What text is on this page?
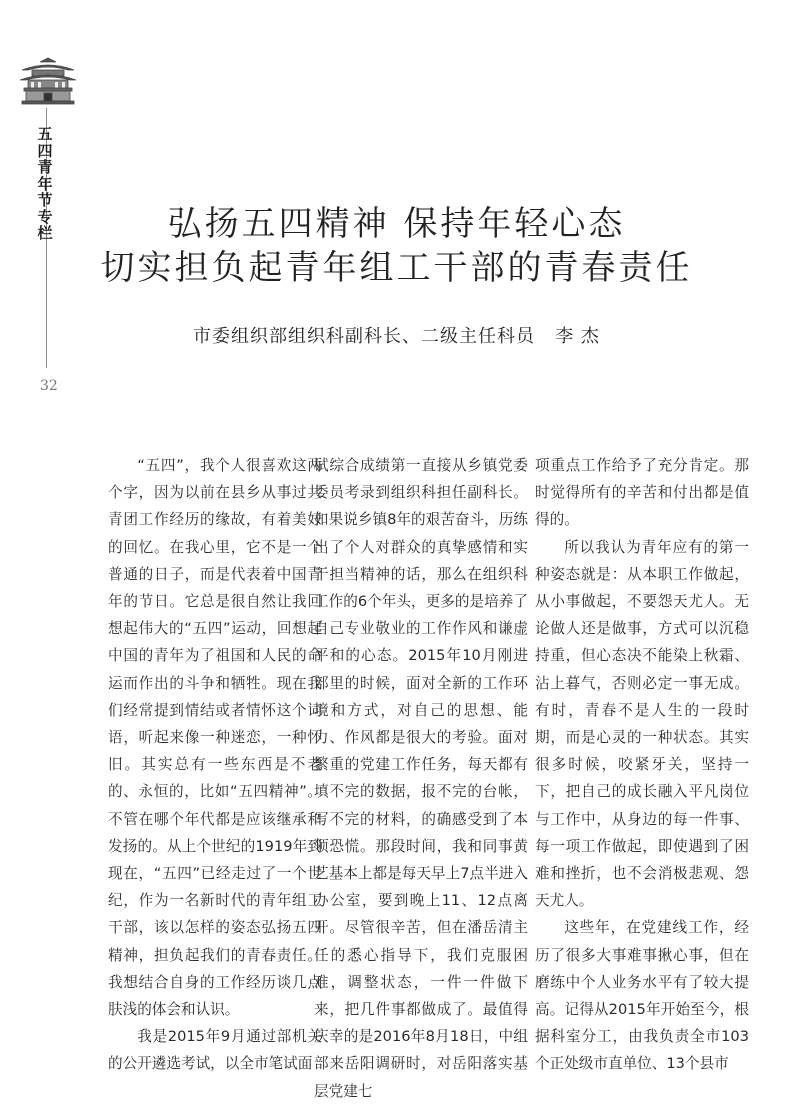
五四青年节专栏
32
弘扬五四精神 保持年轻心态
切实担负起青年组工干部的青春责任
市委组织部组织科副科长、二级主任科员   李 杰

“五四”，我个人很喜欢这两个字，因为以前在县乡从事过共青团工作经历的缘故，有着美好的回忆。在我心里，它不是一个普通的日子，而是代表着中国青年的节日。它总是很自然让我回想起伟大的“五四”运动，回想起中国的青年为了祖国和人民的命运而作出的斗争和牺牲。现在我们经常提到情结或者情怀这个词语，听起来像一种迷恋，一种怀旧。其实总有一些东西是不老的、永恒的，比如“五四精神”。不管在哪个年代都是应该继承和发扬的。从上个世纪的1919年到现在，“五四”已经走过了一个世纪，作为一名新时代的青年组工干部，该以怎样的姿态弘扬五四精神，担负起我们的青春责任。我想结合自身的工作经历谈几点肤浅的体会和认识。

我是2015年9月通过部机关的公开遴选考试，以全市笔试面

试综合成绩第一直接从乡镇党委委员考录到组织科担任副科长。如果说乡镇8年的艰苦奋斗，历练出了个人对群众的真挚感情和实干担当精神的话，那么在组织科工作的6个年头，更多的是培养了自己专业敬业的工作作风和谦虚平和的心态。2015年10月刚进部里的时候，面对全新的工作环境和方式，对自己的思想、能力、作风都是很大的考验。面对繁重的党建工作任务，每天都有填不完的数据，报不完的台帐，写不完的材料，的确感受到了本领恐慌。那段时间，我和同事黄艺基本上都是每天早上7点半进入办公室，要到晚上11、12点离开。尽管很辛苦，但在潘岳清主任的悉心指导下，我们克服困难，调整状态，一件一件做下来，把几件事都做成了。最值得庆幸的是2016年8月18日，中组部来岳阳调研时，对岳阳落实基层党建七

项重点工作给予了充分肯定。那时觉得所有的辛苦和付出都是值得的。

所以我认为青年应有的第一种姿态就是：从本职工作做起，从小事做起，不要怨天尤人。无论做人还是做事，方式可以沉稳持重，但心态决不能染上秋霜、沾上暮气，否则必定一事无成。有时，青春不是人生的一段时期，而是心灵的一种状态。其实很多时候，咬紧牙关，坚持一下，把自己的成长融入平凡岗位与工作中，从身边的每一件事、每一项工作做起，即使遇到了困难和挫折，也不会消极悲观、怨天尤人。

这些年，在党建线工作，经历了很多大事难事揪心事，但在磨练中个人业务水平有了较大提高。记得从2015年开始至今，根据科室分工，由我负责全市103个正处级市直单位、13个县市
